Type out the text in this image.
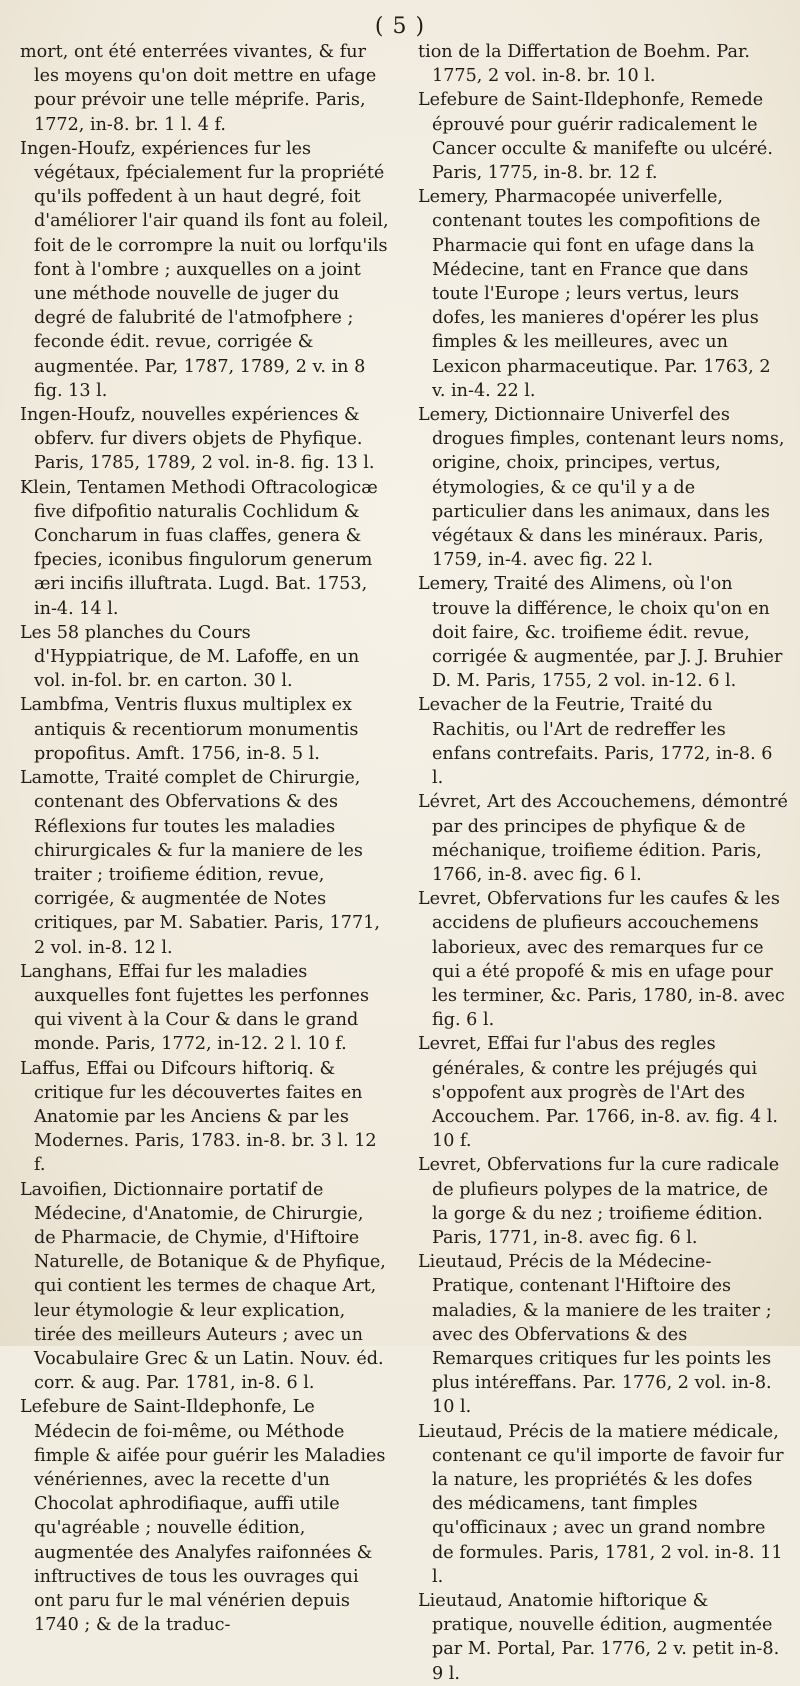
( 5 )

mort, ont été enterrées vivantes, & fur les moyens qu'on doit mettre en ufage pour prévoir une telle méprife. Paris, 1772, in-8. br. 1 l. 4 f.

Ingen-Houfz, expériences fur les végétaux, fpécialement fur la propriété qu'ils poffedent à un haut degré, foit d'améliorer l'air quand ils font au foleil, foit de le corrompre la nuit ou lorfqu'ils font à l'ombre ; auxquelles on a joint une méthode nouvelle de juger du degré de falubrité de l'atmofphere ; feconde édit. revue, corrigée & augmentée. Par, 1787, 1789, 2 v. in 8 fig. 13 l.

Ingen-Houfz, nouvelles expériences & obferv. fur divers objets de Phyfique. Paris, 1785, 1789, 2 vol. in-8. fig. 13 l.

Klein, Tentamen Methodi Oftracologicæ five difpofitio naturalis Cochlidum & Concharum in fuas claffes, genera & fpecies, iconibus fingulorum generum æri incifis illuftrata. Lugd. Bat. 1753, in-4. 14 l.

Les 58 planches du Cours d'Hyppiatrique, de M. Lafoffe, en un vol. in-fol. br. en carton. 30 l.

Lambfma, Ventris fluxus multiplex ex antiquis & recentiorum monumentis propofitus. Amft. 1756, in-8. 5 l.

Lamotte, Traité complet de Chirurgie, contenant des Obfervations & des Réflexions fur toutes les maladies chirurgicales & fur la maniere de les traiter ; troifieme édition, revue, corrigée, & augmentée de Notes critiques, par M. Sabatier. Paris, 1771, 2 vol. in-8. 12 l.

Langhans, Effai fur les maladies auxquelles font fujettes les perfonnes qui vivent à la Cour & dans le grand monde. Paris, 1772, in-12. 2 l. 10 f.

Laffus, Effai ou Difcours hiftoriq. & critique fur les découvertes faites en Anatomie par les Anciens & par les Modernes. Paris, 1783. in-8. br. 3 l. 12 f.

Lavoifien, Dictionnaire portatif de Médecine, d'Anatomie, de Chirurgie, de Pharmacie, de Chymie, d'Hiftoire Naturelle, de Botanique & de Phyfique, qui contient les termes de chaque Art, leur étymologie & leur explication, tirée des meilleurs Auteurs ; avec un Vocabulaire Grec & un Latin. Nouv. éd. corr. & aug. Par. 1781, in-8. 6 l.

Lefebure de Saint-Ildephonfe, Le Médecin de foi-même, ou Méthode fimple & aifée pour guérir les Maladies vénériennes, avec la recette d'un Chocolat aphrodifiaque, auffi utile qu'agréable ; nouvelle édition, augmentée des Analyfes raifonnées & inftructives de tous les ouvrages qui ont paru fur le mal vénérien depuis 1740 ; & de la traduc-

tion de la Differtation de Boehm. Par. 1775, 2 vol. in-8. br. 10 l.

Lefebure de Saint-Ildephonfe, Remede éprouvé pour guérir radicalement le Cancer occulte & manifefte ou ulcéré. Paris, 1775, in-8. br. 12 f.

Lemery, Pharmacopée univerfelle, contenant toutes les compofitions de Pharmacie qui font en ufage dans la Médecine, tant en France que dans toute l'Europe ; leurs vertus, leurs dofes, les manieres d'opérer les plus fimples & les meilleures, avec un Lexicon pharmaceutique. Par. 1763, 2 v. in-4. 22 l.

Lemery, Dictionnaire Univerfel des drogues fimples, contenant leurs noms, origine, choix, principes, vertus, étymologies, & ce qu'il y a de particulier dans les animaux, dans les végétaux & dans les minéraux. Paris, 1759, in-4. avec fig. 22 l.

Lemery, Traité des Alimens, où l'on trouve la différence, le choix qu'on en doit faire, &c. troifieme édit. revue, corrigée & augmentée, par J. J. Bruhier D. M. Paris, 1755, 2 vol. in-12. 6 l.

Levacher de la Feutrie, Traité du Rachitis, ou l'Art de redreffer les enfans contrefaits. Paris, 1772, in-8. 6 l.

Lévret, Art des Accouchemens, démontré par des principes de phyfique & de méchanique, troifieme édition. Paris, 1766, in-8. avec fig. 6 l.

Levret, Obfervations fur les caufes & les accidens de plufieurs accouchemens laborieux, avec des remarques fur ce qui a été propofé & mis en ufage pour les terminer, &c. Paris, 1780, in-8. avec fig. 6 l.

Levret, Effai fur l'abus des regles générales, & contre les préjugés qui s'oppofent aux progrès de l'Art des Accouchem. Par. 1766, in-8. av. fig. 4 l. 10 f.

Levret, Obfervations fur la cure radicale de plufieurs polypes de la matrice, de la gorge & du nez ; troifieme édition. Paris, 1771, in-8. avec fig. 6 l.

Lieutaud, Précis de la Médecine-Pratique, contenant l'Hiftoire des maladies, & la maniere de les traiter ; avec des Obfervations & des Remarques critiques fur les points les plus intéreffans. Par. 1776, 2 vol. in-8. 10 l.

Lieutaud, Précis de la matiere médicale, contenant ce qu'il importe de favoir fur la nature, les propriétés & les dofes des médicamens, tant fimples qu'officinaux ; avec un grand nombre de formules. Paris, 1781, 2 vol. in-8. 11 l.

Lieutaud, Anatomie hiftorique & pratique, nouvelle édition, augmentée par M. Portal, Par. 1776, 2 v. petit in-8. 9 l.
